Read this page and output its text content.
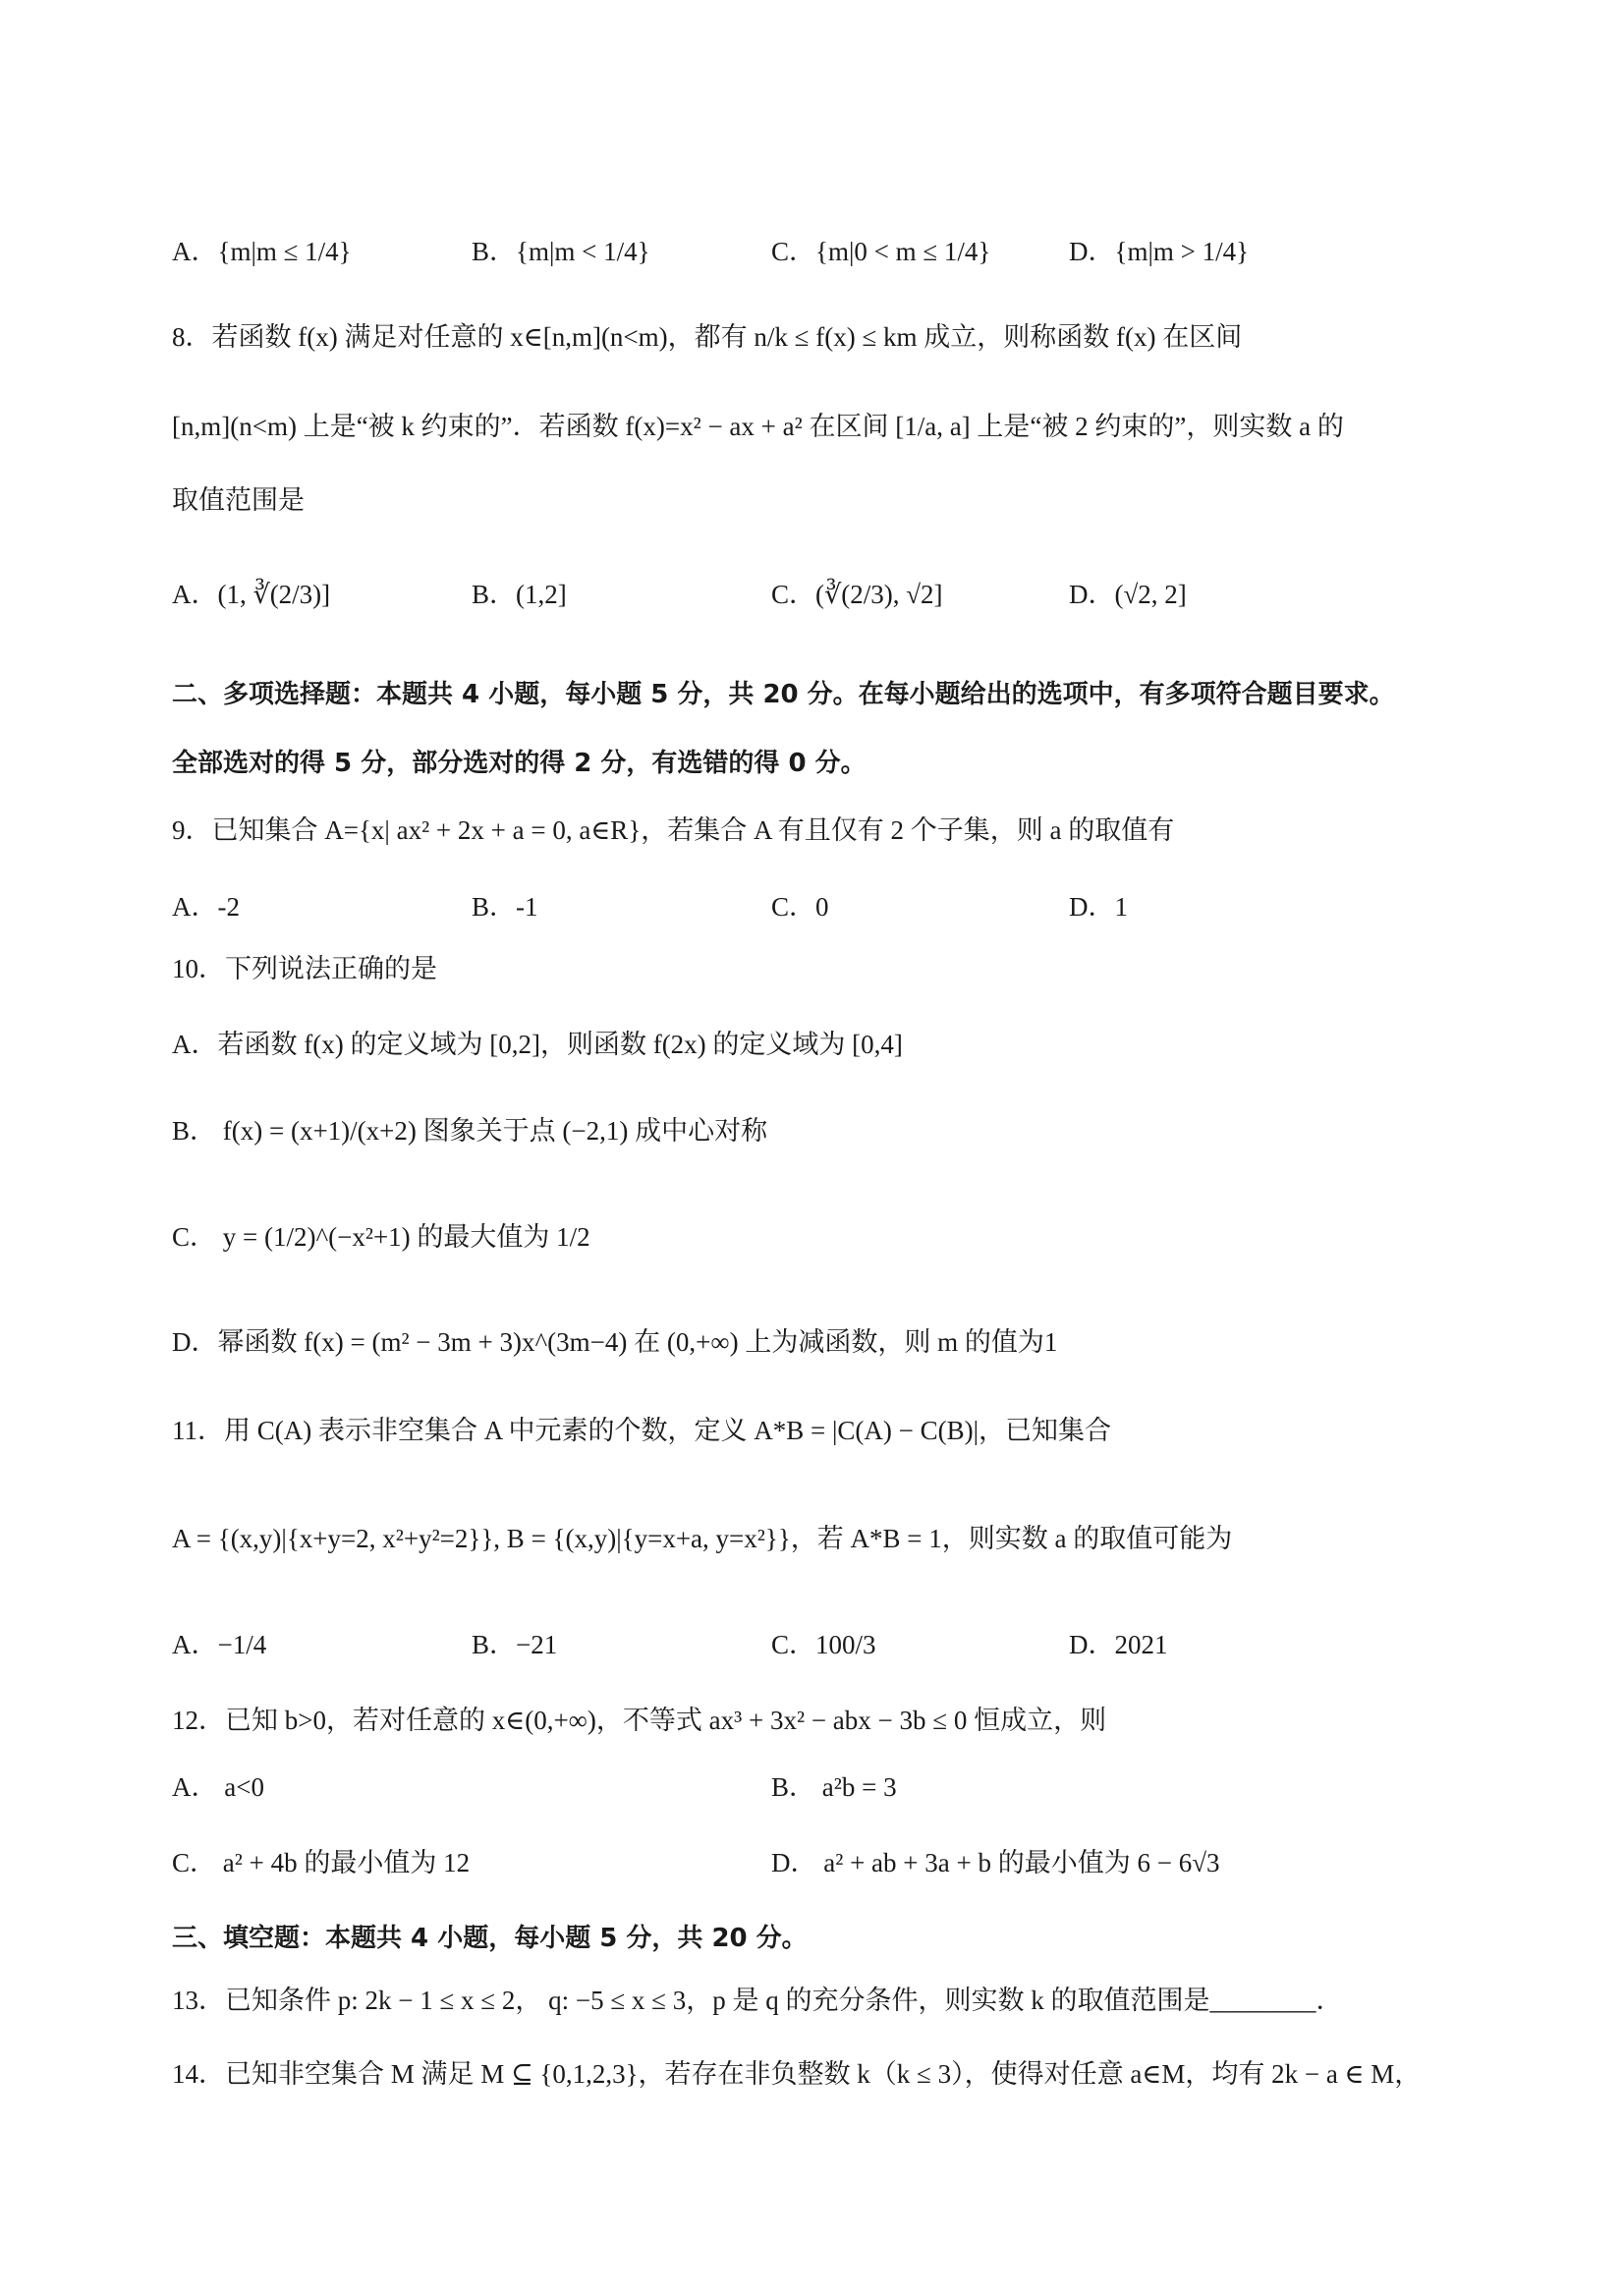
A．{m|m ≤ 1/4}	B．{m|m < 1/4}	C．{m|0 < m ≤ 1/4}	D．{m|m > 1/4}
8．若函数 f(x) 满足对任意的 x∈[n,m](n<m)，都有 n/k ≤ f(x) ≤ km 成立，则称函数 f(x) 在区间
[n,m](n<m) 上是“被 k 约束的”．若函数 f(x)=x² − ax + a² 在区间 [1/a, a] 上是“被 2 约束的”，则实数 a 的
取值范围是
A．(1, ∛(2/3)]	B．(1,2]	C．(∛(2/3), √2]	D．(√2, 2]
二、多项选择题：本题共 4 小题，每小题 5 分，共 20 分。在每小题给出的选项中，有多项符合题目要求。
全部选对的得 5 分，部分选对的得 2 分，有选错的得 0 分。
9．已知集合 A={x| ax² + 2x + a = 0, a∈R}，若集合 A 有且仅有 2 个子集，则 a 的取值有
A．-2	B．-1	C．0	D．1
10．下列说法正确的是
A．若函数 f(x) 的定义域为 [0,2]，则函数 f(2x) 的定义域为 [0,4]
B． f(x) = (x+1)/(x+2) 图象关于点 (−2,1) 成中心对称
C． y = (1/2)^(−x²+1) 的最大值为 1/2
D．幂函数 f(x) = (m² − 3m + 3)x^(3m−4) 在 (0,+∞) 上为减函数，则 m 的值为1
11．用 C(A) 表示非空集合 A 中元素的个数，定义 A*B = |C(A) − C(B)|，已知集合
A = {(x,y)|{x+y=2, x²+y²=2}}, B = {(x,y)|{y=x+a, y=x²}}，若 A*B = 1，则实数 a 的取值可能为
A．−1/4	B．−21	C．100/3	D．2021
12．已知 b>0，若对任意的 x∈(0,+∞)，不等式 ax³ + 3x² − abx − 3b ≤ 0 恒成立，则
A． a<0	B． a²b = 3
C． a² + 4b 的最小值为 12	D． a² + ab + 3a + b 的最小值为 6 − 6√3
三、填空题：本题共 4 小题，每小题 5 分，共 20 分。
13．已知条件 p: 2k − 1 ≤ x ≤ 2， q: −5 ≤ x ≤ 3，p 是 q 的充分条件，则实数 k 的取值范围是________．
14．已知非空集合 M 满足 M ⊆ {0,1,2,3}，若存在非负整数 k（k ≤ 3），使得对任意 a∈M，均有 2k − a ∈ M，
